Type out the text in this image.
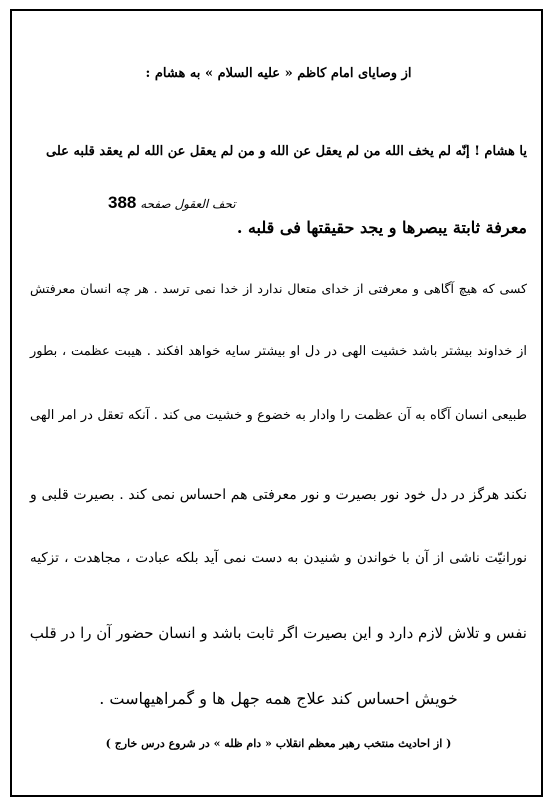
از وصایای امام کاظم « علیه السلام » به هشام :
یا هشام ! إنّه لم یخف الله من لم یعقل عن الله و من لم یعقل عن الله لم یعقد قلبه علی
معرفة ثابتة یبصرها و یجد حقیقتها فی قلبه .
تحف العقول صفحه 388
کسی که هیچ آگاهی و معرفتی از خدای متعال ندارد از خدا نمی ترسد . هر چه انسان معرفتش
از خداوند بیشتر باشد خشیت الهی در دل او بیشتر سایه خواهد افکند . هیبت عظمت ، بطور
طبیعی انسان آگاه به آن عظمت را وادار به خضوع و خشیت می کند . آنکه تعقل در امر الهی
نکند هرگز در دل خود نور بصیرت و نور معرفتی هم احساس نمی کند . بصیرت قلبی و
نورانیّت ناشی از آن با خواندن و شنیدن به دست نمی آید بلکه عبادت ، مجاهدت ، تزکیه
نفس و تلاش لازم دارد و این بصیرت اگر ثابت باشد و انسان حضور آن را در قلب
خویش احساس کند علاج همه جهل ها و گمراهیهاست .
( از احادیث منتخب رهبر معظم انقلاب « دام ظله » در شروع درس خارج )
